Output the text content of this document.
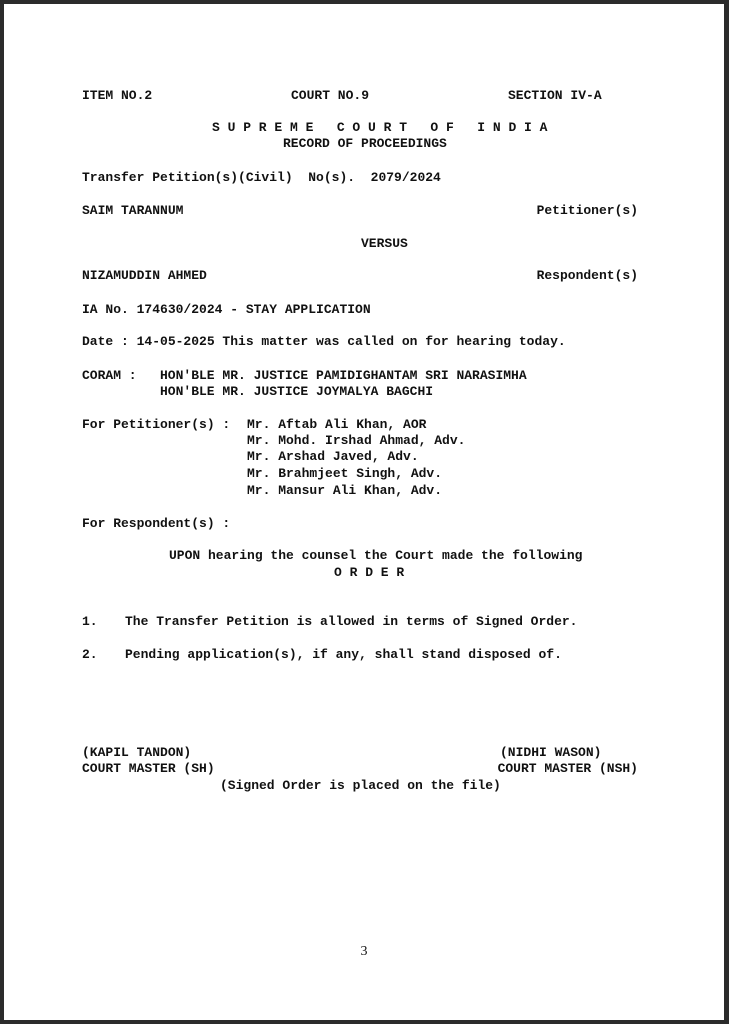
ITEM NO.2	COURT NO.9	SECTION IV-A
S U P R E M E   C O U R T   O F   I N D I A
RECORD OF PROCEEDINGS
Transfer Petition(s)(Civil)  No(s).  2079/2024
SAIM TARANNUM	Petitioner(s)
VERSUS
NIZAMUDDIN AHMED	Respondent(s)
IA No. 174630/2024 - STAY APPLICATION
Date : 14-05-2025 This matter was called on for hearing today.
CORAM : HON'BLE MR. JUSTICE PAMIDIGHANTAM SRI NARASIMHA
HON'BLE MR. JUSTICE JOYMALYA BAGCHI
For Petitioner(s) : Mr. Aftab Ali Khan, AOR
Mr. Mohd. Irshad Ahmad, Adv.
Mr. Arshad Javed, Adv.
Mr. Brahmjeet Singh, Adv.
Mr. Mansur Ali Khan, Adv.
For Respondent(s) :
UPON hearing the counsel the Court made the following
O R D E R
1. The Transfer Petition is allowed in terms of Signed Order.
2. Pending application(s), if any, shall stand disposed of.
(KAPIL TANDON)
COURT MASTER (SH)
(NIDHI WASON)
COURT MASTER (NSH)
(Signed Order is placed on the file)
3
